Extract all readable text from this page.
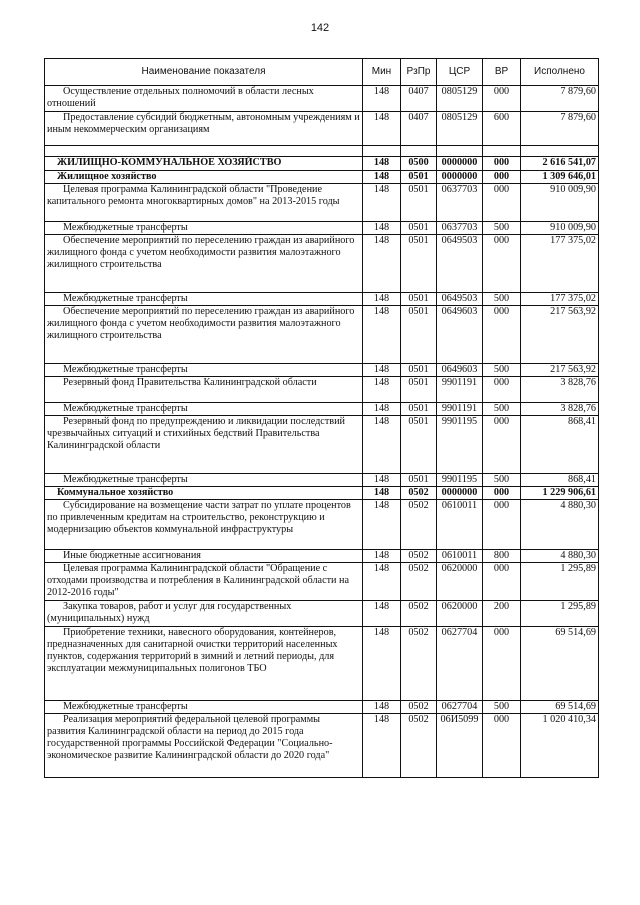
142
Наименование показателя	Мин	РзПр	ЦСР	ВР	Исполнено
Осуществление отдельных полномочий в области лесных отношений	148	0407	0805129	000	7 879,60
Предоставление субсидий бюджетным, автономным учреждениям и иным некоммерческим организациям	148	0407	0805129	600	7 879,60

ЖИЛИЩНО-КОММУНАЛЬНОЕ ХОЗЯЙСТВО	148	0500	0000000	000	2 616 541,07
Жилищное хозяйство	148	0501	0000000	000	1 309 646,01
Целевая программа Калининградской области "Проведение капитального ремонта многоквартирных домов" на 2013-2015 годы	148	0501	0637703	000	910 009,90
Межбюджетные трансферты	148	0501	0637703	500	910 009,90
Обеспечение мероприятий по переселению граждан из аварийного жилищного фонда с учетом необходимости развития малоэтажного жилищного строительства	148	0501	0649503	000	177 375,02
Межбюджетные трансферты	148	0501	0649503	500	177 375,02
Обеспечение мероприятий по переселению граждан из аварийного жилищного фонда с учетом необходимости развития малоэтажного жилищного строительства	148	0501	0649603	000	217 563,92
Межбюджетные трансферты	148	0501	0649603	500	217 563,92
Резервный фонд Правительства Калининградской области	148	0501	9901191	000	3 828,76
Межбюджетные трансферты	148	0501	9901191	500	3 828,76
Резервный фонд по предупреждению и ликвидации последствий чрезвычайных ситуаций и стихийных бедствий Правительства Калининградской области	148	0501	9901195	000	868,41
Межбюджетные трансферты	148	0501	9901195	500	868,41
Коммунальное хозяйство	148	0502	0000000	000	1 229 906,61
Субсидирование на возмещение части затрат по уплате процентов по привлеченным кредитам на строительство, реконструкцию и модернизацию объектов коммунальной инфраструктуры	148	0502	0610011	000	4 880,30
Иные бюджетные ассигнования	148	0502	0610011	800	4 880,30
Целевая программа Калининградской области "Обращение с отходами производства и потребления в Калининградской области на 2012-2016 годы"	148	0502	0620000	000	1 295,89
Закупка товаров, работ и услуг для государственных (муниципальных) нужд	148	0502	0620000	200	1 295,89
Приобретение техники, навесного оборудования, контейнеров, предназначенных для санитарной очистки территорий населенных пунктов, содержания территорий в зимний и летний периоды, для эксплуатации межмуниципальных полигонов ТБО	148	0502	0627704	000	69 514,69
Межбюджетные трансферты	148	0502	0627704	500	69 514,69
Реализация мероприятий федеральной целевой программы развития Калининградской области на период до 2015 года государственной программы Российской Федерации "Социально-экономическое развитие Калининградской области до 2020 года"	148	0502	06И5099	000	1 020 410,34
